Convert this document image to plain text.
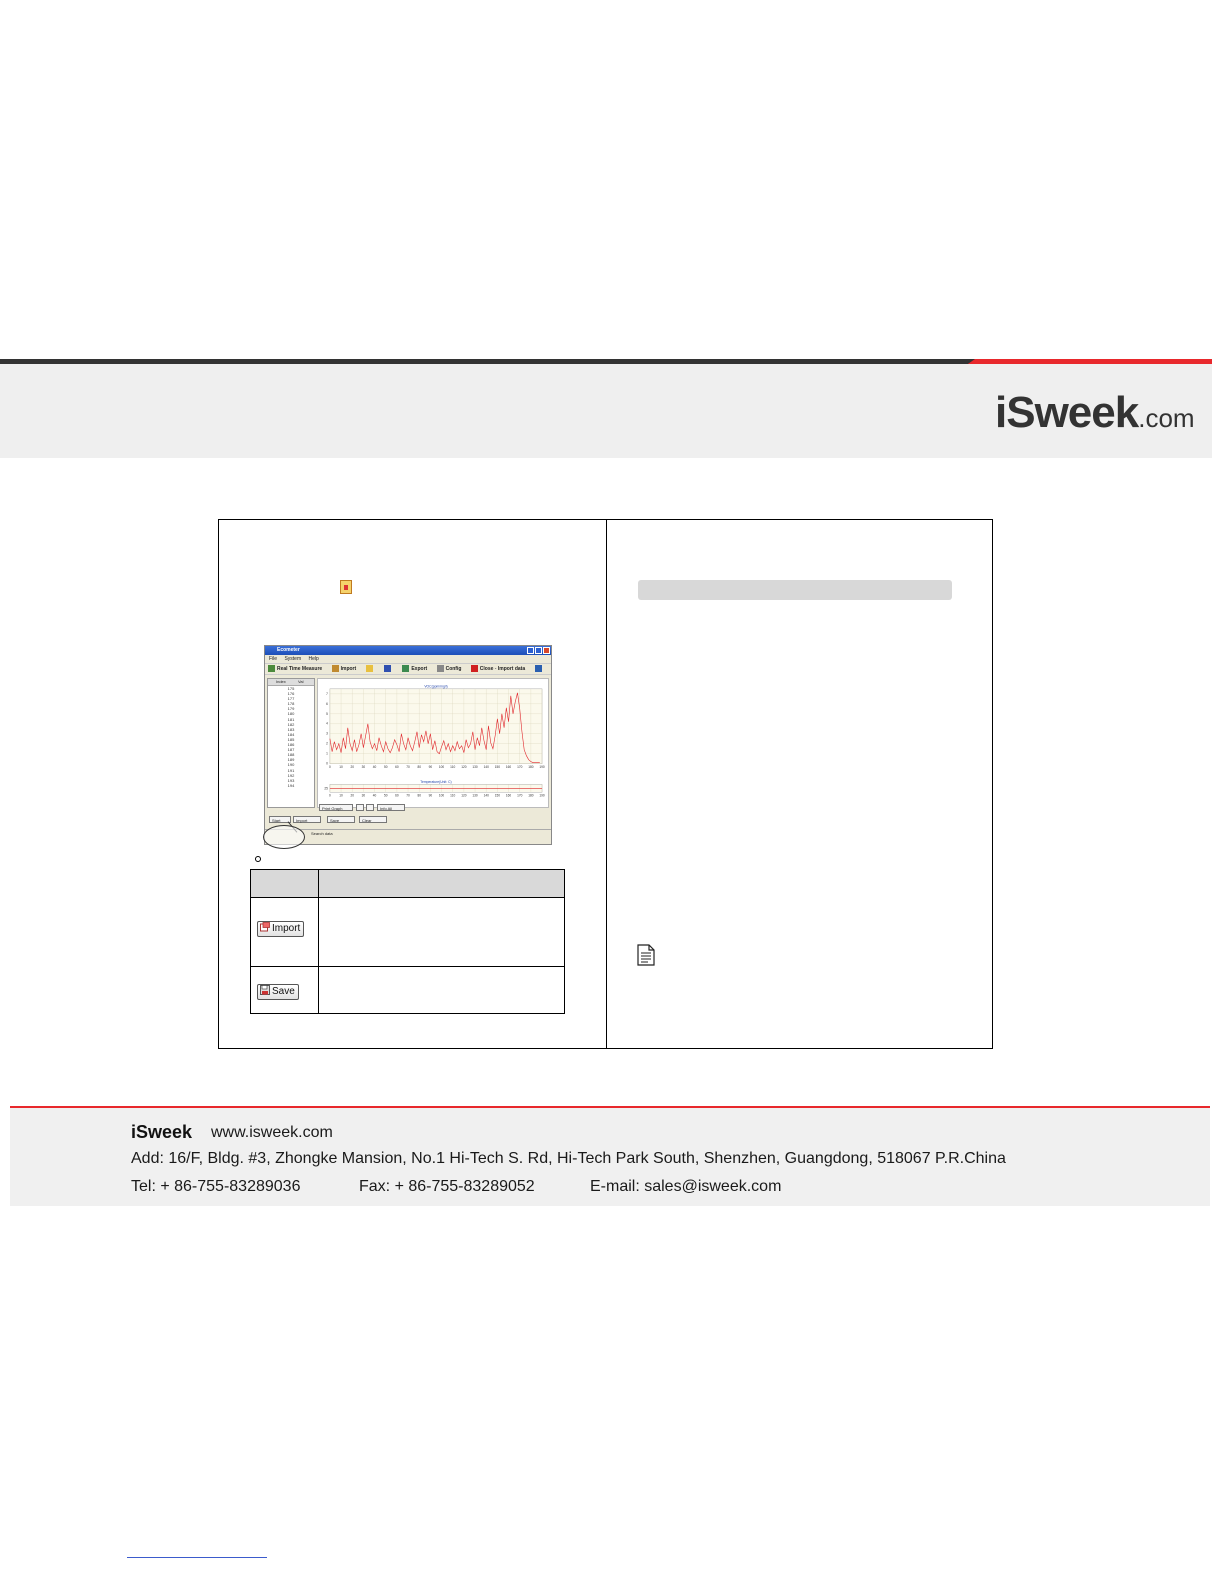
iSweek.com
Ecometer
File System Help
Real Time Measure	Import	Export	Config	Close - Import data
Index	Val
175
176
177
178
179
180
181
182
183
184
185
186
187
188
189
190
191
192
193
194
0	10 20 30 40 50 60 70 80 90 100 110 120 130 140 150 160 170 180 190
0
1
2
3
4
5
6
7
VOC(ppm/mg/l)
0	10 20 30 40 50 60 70 80 90 100 110 120 130 140 150 160 170 180 190
25
Temperature(Unit: C)
Print Graph	Info All
Start	Import	Save	Clear
Search data
Import
Save
iSweek www.isweek.com
Add: 16/F, Bldg. #3, Zhongke Mansion, No.1 Hi-Tech S. Rd, Hi-Tech Park South, Shenzhen, Guangdong, 518067 P.R.China
Tel: + 86-755-83289036	Fax: + 86-755-83289052	E-mail: sales@isweek.com
